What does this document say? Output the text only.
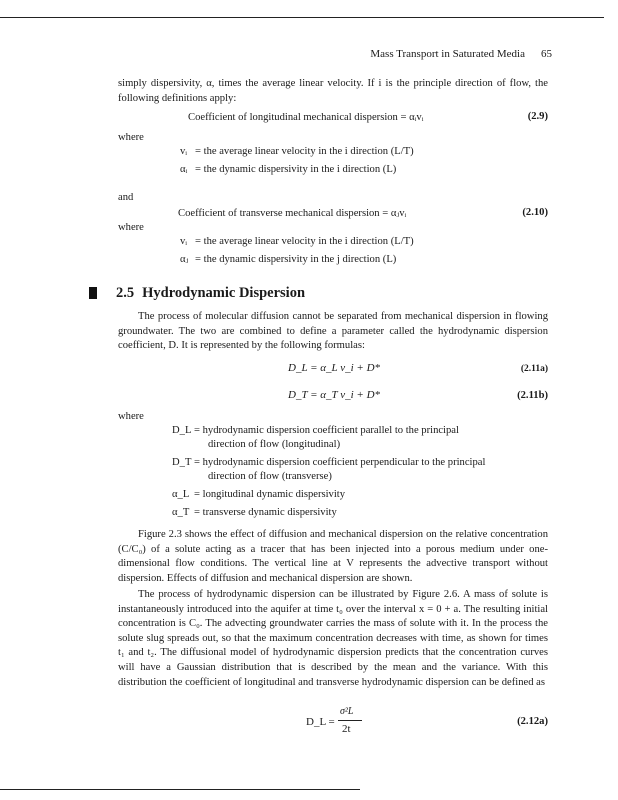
Mass Transport in Saturated Media 65
simply dispersivity, α, times the average linear velocity. If i is the principle direction of flow, the following definitions apply:
Coefficient of longitudinal mechanical dispersion = αᵢvᵢ	(2.9)
where
vᵢ = the average linear velocity in the i direction (L/T)
αᵢ = the dynamic dispersivity in the i direction (L)
and
Coefficient of transverse mechanical dispersion = αⱼvᵢ	(2.10)
where
vᵢ = the average linear velocity in the i direction (L/T)
αⱼ = the dynamic dispersivity in the j direction (L)
2.5 Hydrodynamic Dispersion
The process of molecular diffusion cannot be separated from mechanical dispersion in flowing groundwater. The two are combined to define a parameter called the hydrodynamic dispersion coefficient, D. It is represented by the following formulas:
D_L = α_L v_i + D*	(2.11a)
D_T = α_T v_i + D*	(2.11b)
where
D_L = hydrodynamic dispersion coefficient parallel to the principal
direction of flow (longitudinal)
D_T = hydrodynamic dispersion coefficient perpendicular to the principal
direction of flow (transverse)
α_L = longitudinal dynamic dispersivity
α_T = transverse dynamic dispersivity
Figure 2.3 shows the effect of diffusion and mechanical dispersion on the relative concentration (C/C₀) of a solute acting as a tracer that has been injected into a porous medium under one-dimensional flow conditions. The vertical line at V represents the advective transport without dispersion. Effects of diffusion and mechanical dispersion are shown.
The process of hydrodynamic dispersion can be illustrated by Figure 2.6. A mass of solute is instantaneously introduced into the aquifer at time t₀ over the interval x = 0 + a. The resulting initial concentration is C₀. The advecting groundwater carries the mass of solute with it. In the process the solute slug spreads out, so that the maximum concentration decreases with time, as shown for times t₁ and t₂. The diffusional model of hydrodynamic dispersion predicts that the concentration curves will have a Gaussian distribution that is described by the mean and the variance. With this distribution the coefficient of longitudinal and transverse hydrodynamic dispersion can be defined as
D_L =
σ²L
2t
(2.12a)
